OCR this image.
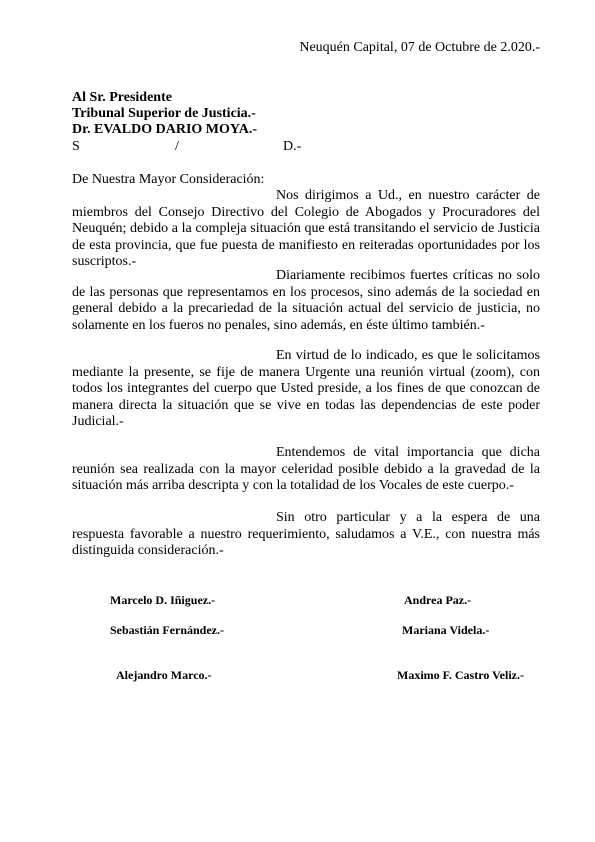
Neuquén Capital, 07 de Octubre de 2.020.-
Al Sr. Presidente
Tribunal Superior de Justicia.-
Dr. EVALDO DARIO MOYA.-
S	/	D.-
De Nuestra Mayor Consideración:
Nos dirigimos a Ud., en nuestro carácter de miembros del Consejo Directivo del Colegio de Abogados y Procuradores del Neuquén; debido a la compleja situación que está transitando el servicio de Justicia de esta provincia, que fue puesta de manifiesto en reiteradas oportunidades por los suscriptos.-
Diariamente recibimos fuertes críticas no solo de las personas que representamos en los procesos, sino además de la sociedad en general debido a la precariedad de la situación actual del servicio de justicia, no solamente en los fueros no penales, sino además, en éste último también.-
En virtud de lo indicado, es que le solicitamos mediante la presente, se fije de manera Urgente una reunión virtual (zoom), con todos los integrantes del cuerpo que Usted preside, a los fines de que conozcan de manera directa la situación que se vive en todas las dependencias de este poder Judicial.-
Entendemos de vital importancia que dicha reunión sea realizada con la mayor celeridad posible debido a la gravedad de la situación más arriba descripta y con la totalidad de los Vocales de este cuerpo.-
Sin otro particular y a la espera de una respuesta favorable a nuestro requerimiento, saludamos a V.E., con nuestra más distinguida consideración.-
Marcelo D. Iñiguez.-	Andrea Paz.-
Sebastián Fernández.-	Mariana Videla.-
Alejandro Marco.-	Maximo F. Castro Veliz.-
